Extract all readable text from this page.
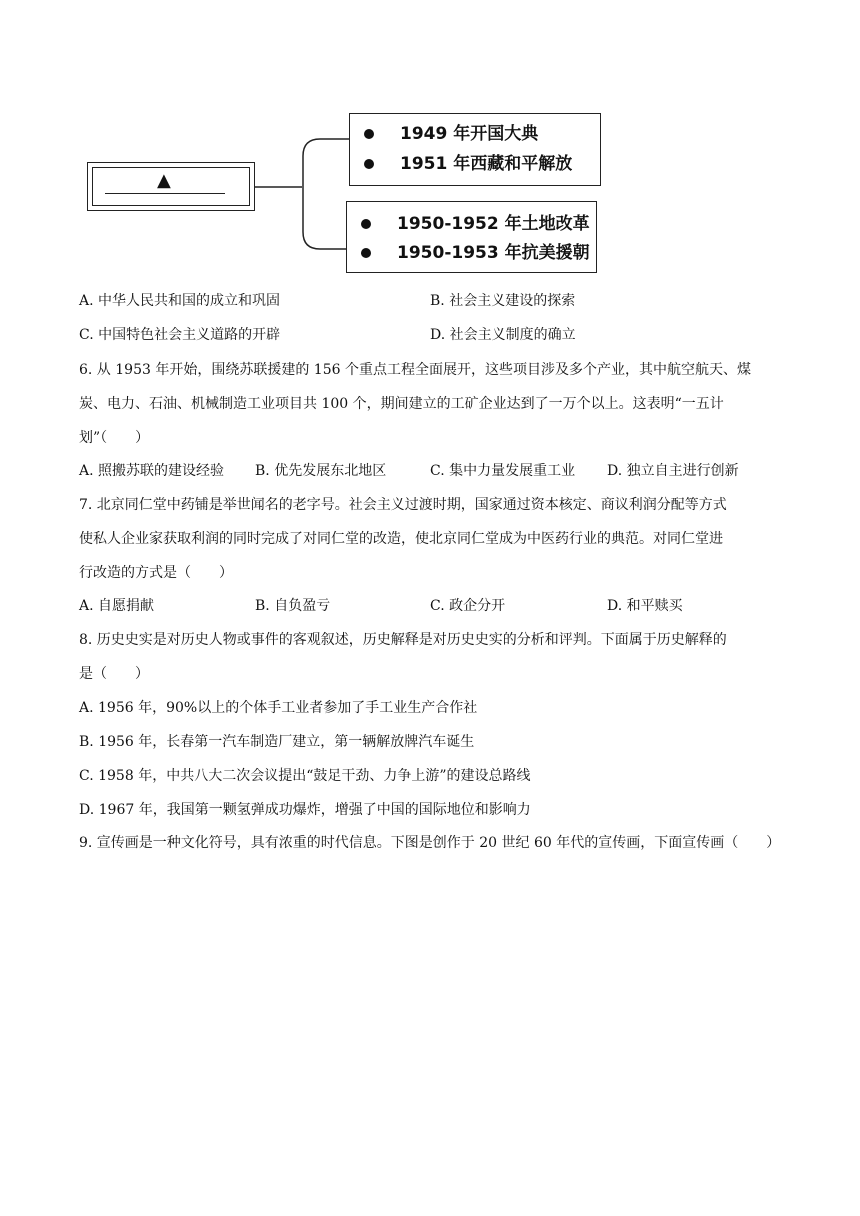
▲
1949 年开国大典
1951 年西藏和平解放
1950-1952 年土地改革
1950-1953 年抗美援朝
A. 中华人民共和国的成立和巩固	B. 社会主义建设的探索
C. 中国特色社会主义道路的开辟	D. 社会主义制度的确立
6. 从 1953 年开始，围绕苏联援建的 156 个重点工程全面展开，这些项目涉及多个产业，其中航空航天、煤
炭、电力、石油、机械制造工业项目共 100 个，期间建立的工矿企业达到了一万个以上。这表明“一五计
划”（　　）
A. 照搬苏联的建设经验 B. 优先发展东北地区	C. 集中力量发展重工业 D. 独立自主进行创新
7. 北京同仁堂中药铺是举世闻名的老字号。社会主义过渡时期，国家通过资本核定、商议利润分配等方式
使私人企业家获取利润的同时完成了对同仁堂的改造，使北京同仁堂成为中医药行业的典范。对同仁堂进
行改造的方式是（　　）
A. 自愿捐献	B. 自负盈亏	C. 政企分开	D. 和平赎买
8. 历史史实是对历史人物或事件的客观叙述，历史解释是对历史史实的分析和评判。下面属于历史解释的
是（　　）
A. 1956 年，90%以上的个体手工业者参加了手工业生产合作社
B. 1956 年，长春第一汽车制造厂建立，第一辆解放牌汽车诞生
C. 1958 年，中共八大二次会议提出“鼓足干劲、力争上游”的建设总路线
D. 1967 年，我国第一颗氢弹成功爆炸，增强了中国的国际地位和影响力
9. 宣传画是一种文化符号，具有浓重的时代信息。下图是创作于 20 世纪 60 年代的宣传画，下面宣传画（　　）
